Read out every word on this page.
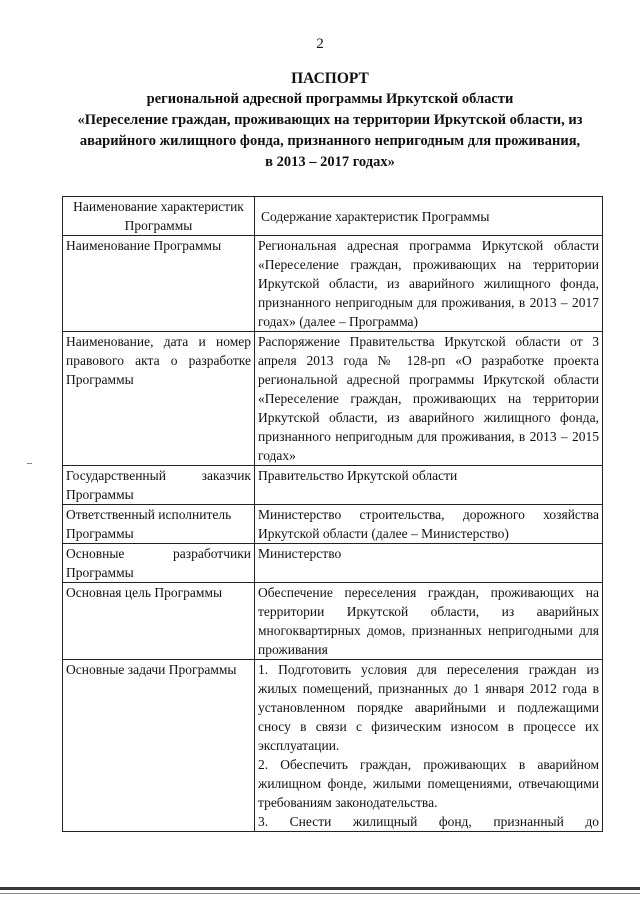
2
ПАСПОРТ
региональной адресной программы Иркутской области
«Переселение граждан, проживающих на территории Иркутской области, из
аварийного жилищного фонда, признанного непригодным для проживания,
в 2013 – 2017 годах»
Наименование характеристик Программы	Содержание характеристик Программы
Наименование Программы	Региональная адресная программа Иркутской области «Переселение граждан, проживающих на территории Иркутской области, из аварийного жилищного фонда, признанного непригодным для проживания, в 2013 – 2017 годах» (далее – Программа)
Наименование, дата и номер правового акта о разработке Программы	Распоряжение Правительства Иркутской области от 3 апреля 2013 года № 128-рп «О разработке проекта региональной адресной программы Иркутской области «Переселение граждан, проживающих на территории Иркутской области, из аварийного жилищного фонда, признанного непригодным для проживания, в 2013 – 2015 годах»
Государственный заказчик Программы	Правительство Иркутской области
Ответственный исполнитель Программы	Министерство строительства, дорожного хозяйства Иркутской области (далее – Министерство)
Основные разработчики Программы	Министерство
Основная цель Программы	Обеспечение переселения граждан, проживающих на территории Иркутской области, из аварийных многоквартирных домов, признанных непригодными для проживания
Основные задачи Программы	1. Подготовить условия для переселения граждан из жилых помещений, признанных до 1 января 2012 года в установленном порядке аварийными и подлежащими сносу в связи с физическим износом в процессе их эксплуатации.
2. Обеспечить граждан, проживающих в аварийном жилищном фонде, жилыми помещениями, отвечающими требованиям законодательства.
3. Снести жилищный фонд, признанный до
